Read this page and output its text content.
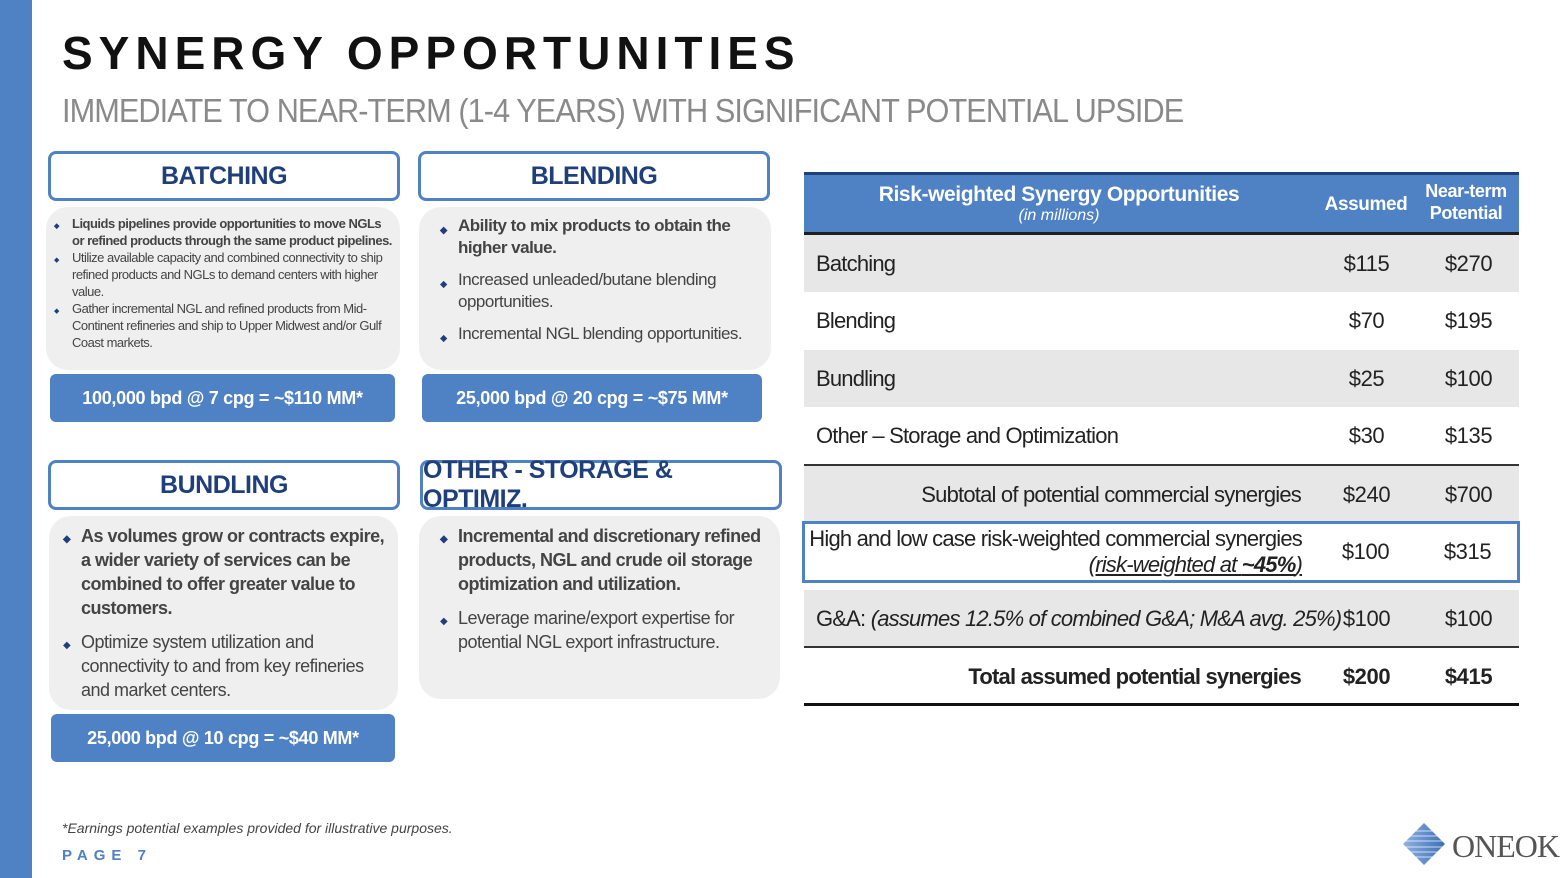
SYNERGY OPPORTUNITIES
IMMEDIATE TO NEAR-TERM (1-4 YEARS) WITH SIGNIFICANT POTENTIAL UPSIDE
BATCHING
◆ Liquids pipelines provide opportunities to move NGLs or refined products through the same product pipelines.
◆ Utilize available capacity and combined connectivity to ship refined products and NGLs to demand centers with higher value.
◆ Gather incremental NGL and refined products from Mid-Continent refineries and ship to Upper Midwest and/or Gulf Coast markets.
100,000 bpd @ 7 cpg = ~$110 MM*
BLENDING
◆ Ability to mix products to obtain the higher value.
◆ Increased unleaded/butane blending opportunities.
◆ Incremental NGL blending opportunities.
25,000 bpd @ 20 cpg = ~$75 MM*
BUNDLING
◆ As volumes grow or contracts expire, a wider variety of services can be combined to offer greater value to customers.
◆ Optimize system utilization and connectivity to and from key refineries and market centers.
25,000 bpd @ 10 cpg = ~$40 MM*
OTHER - STORAGE & OPTIMIZ.
◆ Incremental and discretionary refined products, NGL and crude oil storage optimization and utilization.
◆ Leverage marine/export expertise for potential NGL export infrastructure.
Risk-weighted Synergy Opportunities
(in millions)
Assumed
Near-term Potential
Batching	$115	$270
Blending	$70	$195
Bundling	$25	$100
Other – Storage and Optimization	$30	$135
Subtotal of potential commercial synergies	$240	$700
High and low case risk-weighted commercial synergies
(risk-weighted at ~45%)
$100	$315
G&A: (assumes 12.5% of combined G&A; M&A avg. 25%) $100	$100
Total assumed potential synergies	$200	$415
*Earnings potential examples provided for illustrative purposes.
PAGE 7	ONEOK
